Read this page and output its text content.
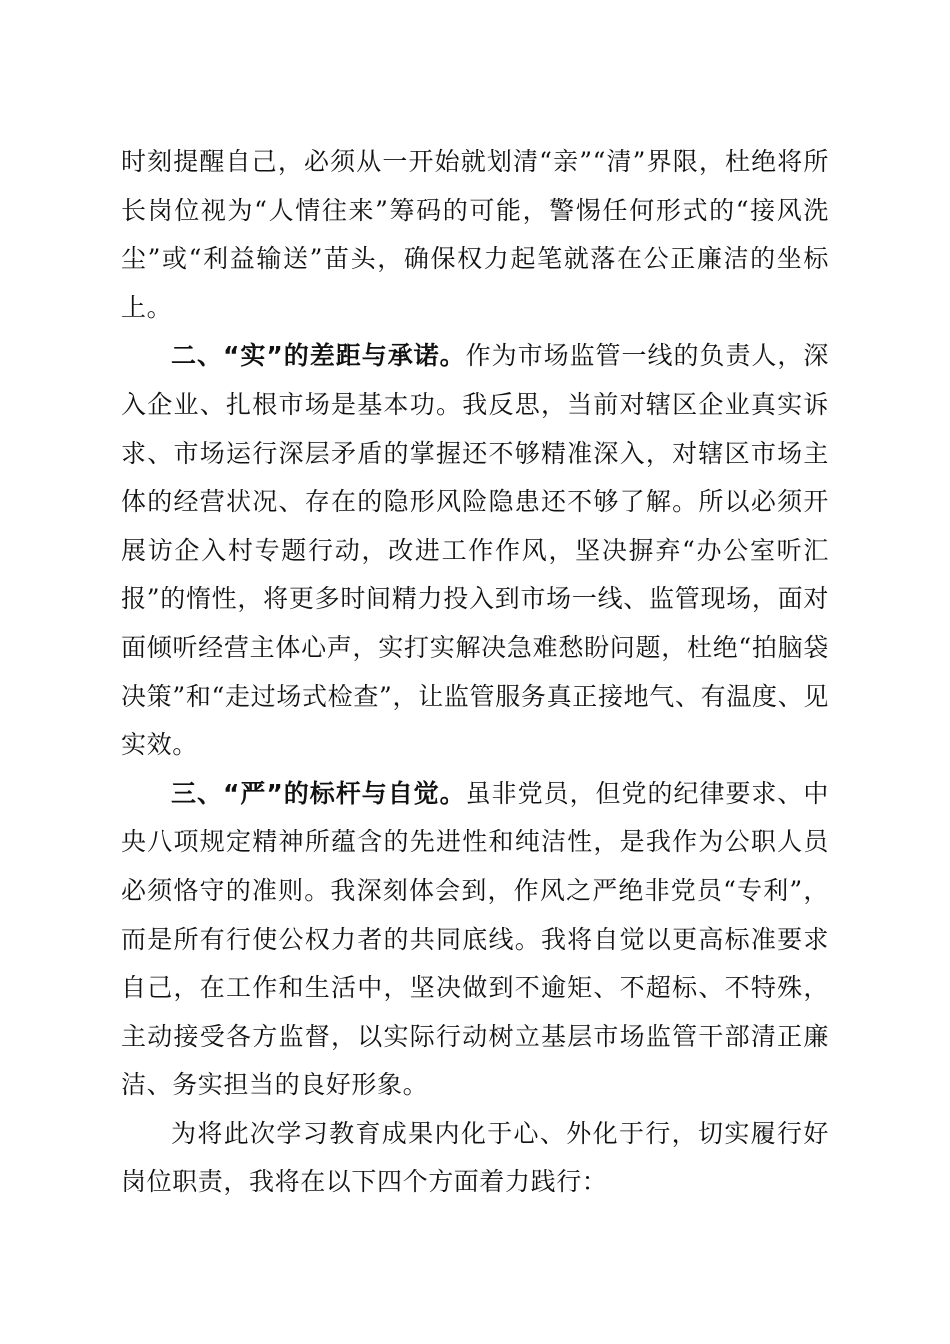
时刻提醒自己，必须从一开始就划清“亲”“清”界限，杜绝将所长岗位视为“人情往来”筹码的可能，警惕任何形式的“接风洗尘”或“利益输送”苗头，确保权力起笔就落在公正廉洁的坐标上。

二、“实”的差距与承诺。作为市场监管一线的负责人，深入企业、扎根市场是基本功。我反思，当前对辖区企业真实诉求、市场运行深层矛盾的掌握还不够精准深入，对辖区市场主体的经营状况、存在的隐形风险隐患还不够了解。所以必须开展访企入村专题行动，改进工作作风，坚决摒弃“办公室听汇报”的惰性，将更多时间精力投入到市场一线、监管现场，面对面倾听经营主体心声，实打实解决急难愁盼问题，杜绝“拍脑袋决策”和“走过场式检查”，让监管服务真正接地气、有温度、见实效。

三、“严”的标杆与自觉。虽非党员，但党的纪律要求、中央八项规定精神所蕴含的先进性和纯洁性，是我作为公职人员必须恪守的准则。我深刻体会到，作风之严绝非党员“专利”，而是所有行使公权力者的共同底线。我将自觉以更高标准要求自己，在工作和生活中，坚决做到不逾矩、不超标、不特殊，主动接受各方监督，以实际行动树立基层市场监管干部清正廉洁、务实担当的良好形象。

为将此次学习教育成果内化于心、外化于行，切实履行好岗位职责，我将在以下四个方面着力践行：
